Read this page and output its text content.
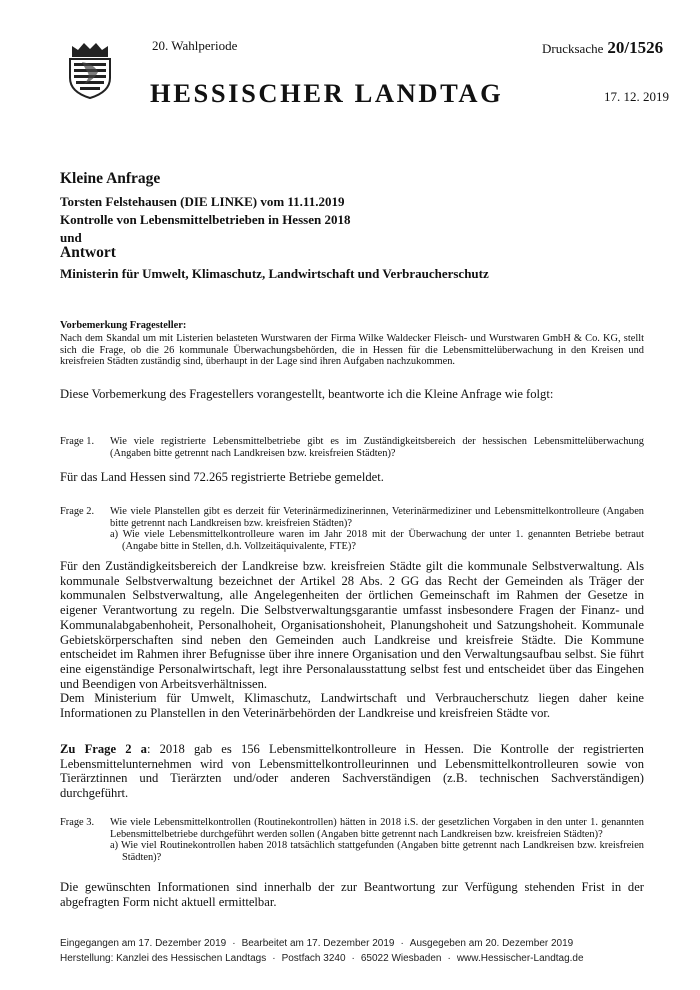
20. Wahlperiode	Drucksache 20/1526
HESSISCHER LANDTAG	17. 12. 2019
Kleine Anfrage
Torsten Felstehausen (DIE LINKE) vom 11.11.2019
Kontrolle von Lebensmittelbetrieben in Hessen 2018
und
Antwort
Ministerin für Umwelt, Klimaschutz, Landwirtschaft und Verbraucherschutz
Vorbemerkung Fragesteller:
Nach dem Skandal um mit Listerien belasteten Wurstwaren der Firma Wilke Waldecker Fleisch- und Wurstwaren GmbH & Co. KG, stellt sich die Frage, ob die 26 kommunale Überwachungsbehörden, die in Hessen für die Lebensmittelüberwachung in den Kreisen und kreisfreien Städten zuständig sind, überhaupt in der Lage sind ihren Aufgaben nachzukommen.
Diese Vorbemerkung des Fragestellers vorangestellt, beantworte ich die Kleine Anfrage wie folgt:
Frage 1. Wie viele registrierte Lebensmittelbetriebe gibt es im Zuständigkeitsbereich der hessischen Lebensmittelüberwachung (Angaben bitte getrennt nach Landkreisen bzw. kreisfreien Städten)?
Für das Land Hessen sind 72.265 registrierte Betriebe gemeldet.
Frage 2. Wie viele Planstellen gibt es derzeit für Veterinärmedizinerinnen, Veterinärmediziner und Lebensmittelkontrolleure (Angaben bitte getrennt nach Landkreisen bzw. kreisfreien Städten)?
a) Wie viele Lebensmittelkontrolleure waren im Jahr 2018 mit der Überwachung der unter 1. genannten Betriebe betraut (Angabe bitte in Stellen, d.h. Vollzeitäquivalente, FTE)?
Für den Zuständigkeitsbereich der Landkreise bzw. kreisfreien Städte gilt die kommunale Selbstverwaltung. Als kommunale Selbstverwaltung bezeichnet der Artikel 28 Abs. 2 GG das Recht der Gemeinden als Träger der kommunalen Selbstverwaltung, alle Angelegenheiten der örtlichen Gemeinschaft im Rahmen der Gesetze in eigener Verantwortung zu regeln. Die Selbstverwaltungsgarantie umfasst insbesondere Fragen der Finanz- und Kommunalabgabenhoheit, Personalhoheit, Organisationshoheit, Planungshoheit und Satzungshoheit. Kommunale Gebietskörperschaften sind neben den Gemeinden auch Landkreise und kreisfreie Städte. Die Kommune entscheidet im Rahmen ihrer Befugnisse über ihre innere Organisation und den Verwaltungsaufbau selbst. Sie führt eine eigenständige Personalwirtschaft, legt ihre Personalausstattung selbst fest und entscheidet über das Eingehen und Beendigen von Arbeitsverhältnissen.
Dem Ministerium für Umwelt, Klimaschutz, Landwirtschaft und Verbraucherschutz liegen daher keine Informationen zu Planstellen in den Veterinärbehörden der Landkreise und kreisfreien Städte vor.
Zu Frage 2 a: 2018 gab es 156 Lebensmittelkontrolleure in Hessen. Die Kontrolle der registrierten Lebensmittelunternehmen wird von Lebensmittelkontrolleurinnen und Lebensmittelkontrolleuren sowie von Tierärztinnen und Tierärzten und/oder anderen Sachverständigen (z.B. technischen Sachverständigen) durchgeführt.
Frage 3. Wie viele Lebensmittelkontrollen (Routinekontrollen) hätten in 2018 i.S. der gesetzlichen Vorgaben in den unter 1. genannten Lebensmittelbetriebe durchgeführt werden sollen (Angaben bitte getrennt nach Landkreisen bzw. kreisfreien Städten)?
a) Wie viel Routinekontrollen haben 2018 tatsächlich stattgefunden (Angaben bitte getrennt nach Landkreisen bzw. kreisfreien Städten)?
Die gewünschten Informationen sind innerhalb der zur Beantwortung zur Verfügung stehenden Frist in der abgefragten Form nicht aktuell ermittelbar.
Eingegangen am 17. Dezember 2019 · Bearbeitet am 17. Dezember 2019 · Ausgegeben am 20. Dezember 2019
Herstellung: Kanzlei des Hessischen Landtags · Postfach 3240 · 65022 Wiesbaden · www.Hessischer-Landtag.de
